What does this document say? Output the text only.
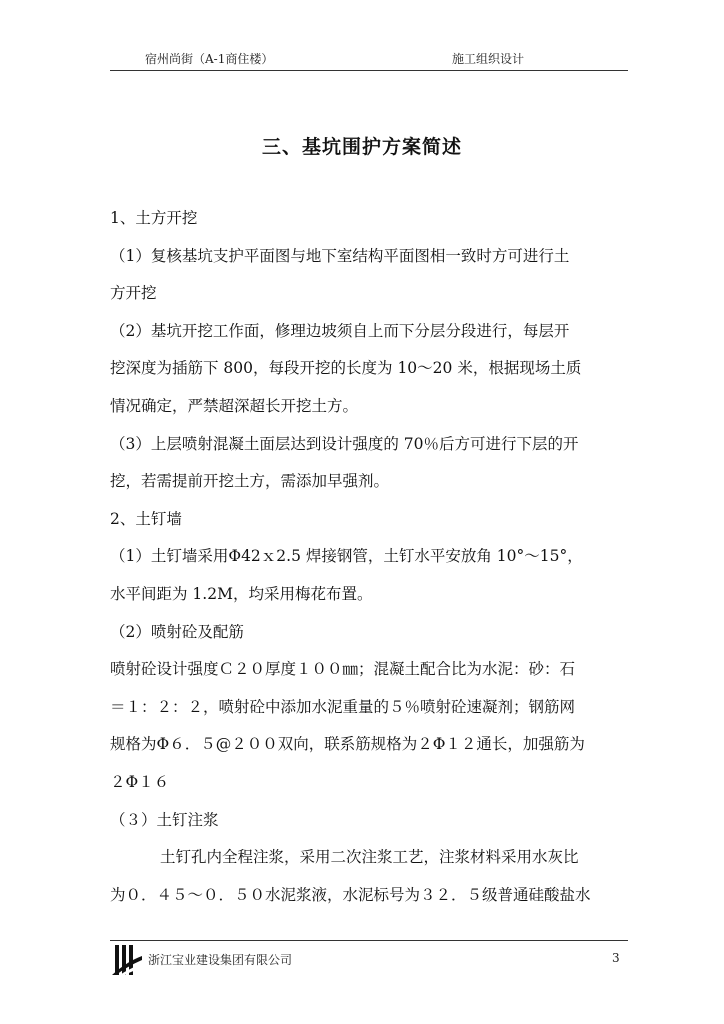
宿州尚街（A-1商住楼）	施工组织设计
三、基坑围护方案简述
1、土方开挖
（1）复核基坑支护平面图与地下室结构平面图相一致时方可进行土
方开挖
（2）基坑开挖工作面，修理边坡须自上而下分层分段进行，每层开
挖深度为插筋下 800，每段开挖的长度为 10～20 米，根据现场土质
情况确定，严禁超深超长开挖土方。
（3）上层喷射混凝土面层达到设计强度的 70％后方可进行下层的开
挖，若需提前开挖土方，需添加早强剂。
2、土钉墙
（1）土钉墙采用Φ42ｘ2.5 焊接钢管，土钉水平安放角 10°～15°，
水平间距为 1.2M，均采用梅花布置。
（2）喷射砼及配筋
喷射砼设计强度Ｃ２０厚度１００㎜；混凝土配合比为水泥：砂：石
＝１：２：２，喷射砼中添加水泥重量的５％喷射砼速凝剂；钢筋网
规格为Φ６．５@２００双向，联系筋规格为２Φ１２通长，加强筋为
２Φ１６
（３）土钉注浆
土钉孔内全程注浆，采用二次注浆工艺，注浆材料采用水灰比
为０．４５～０．５０水泥浆液，水泥标号为３２．５级普通硅酸盐水
浙江宝业建设集团有限公司	3
